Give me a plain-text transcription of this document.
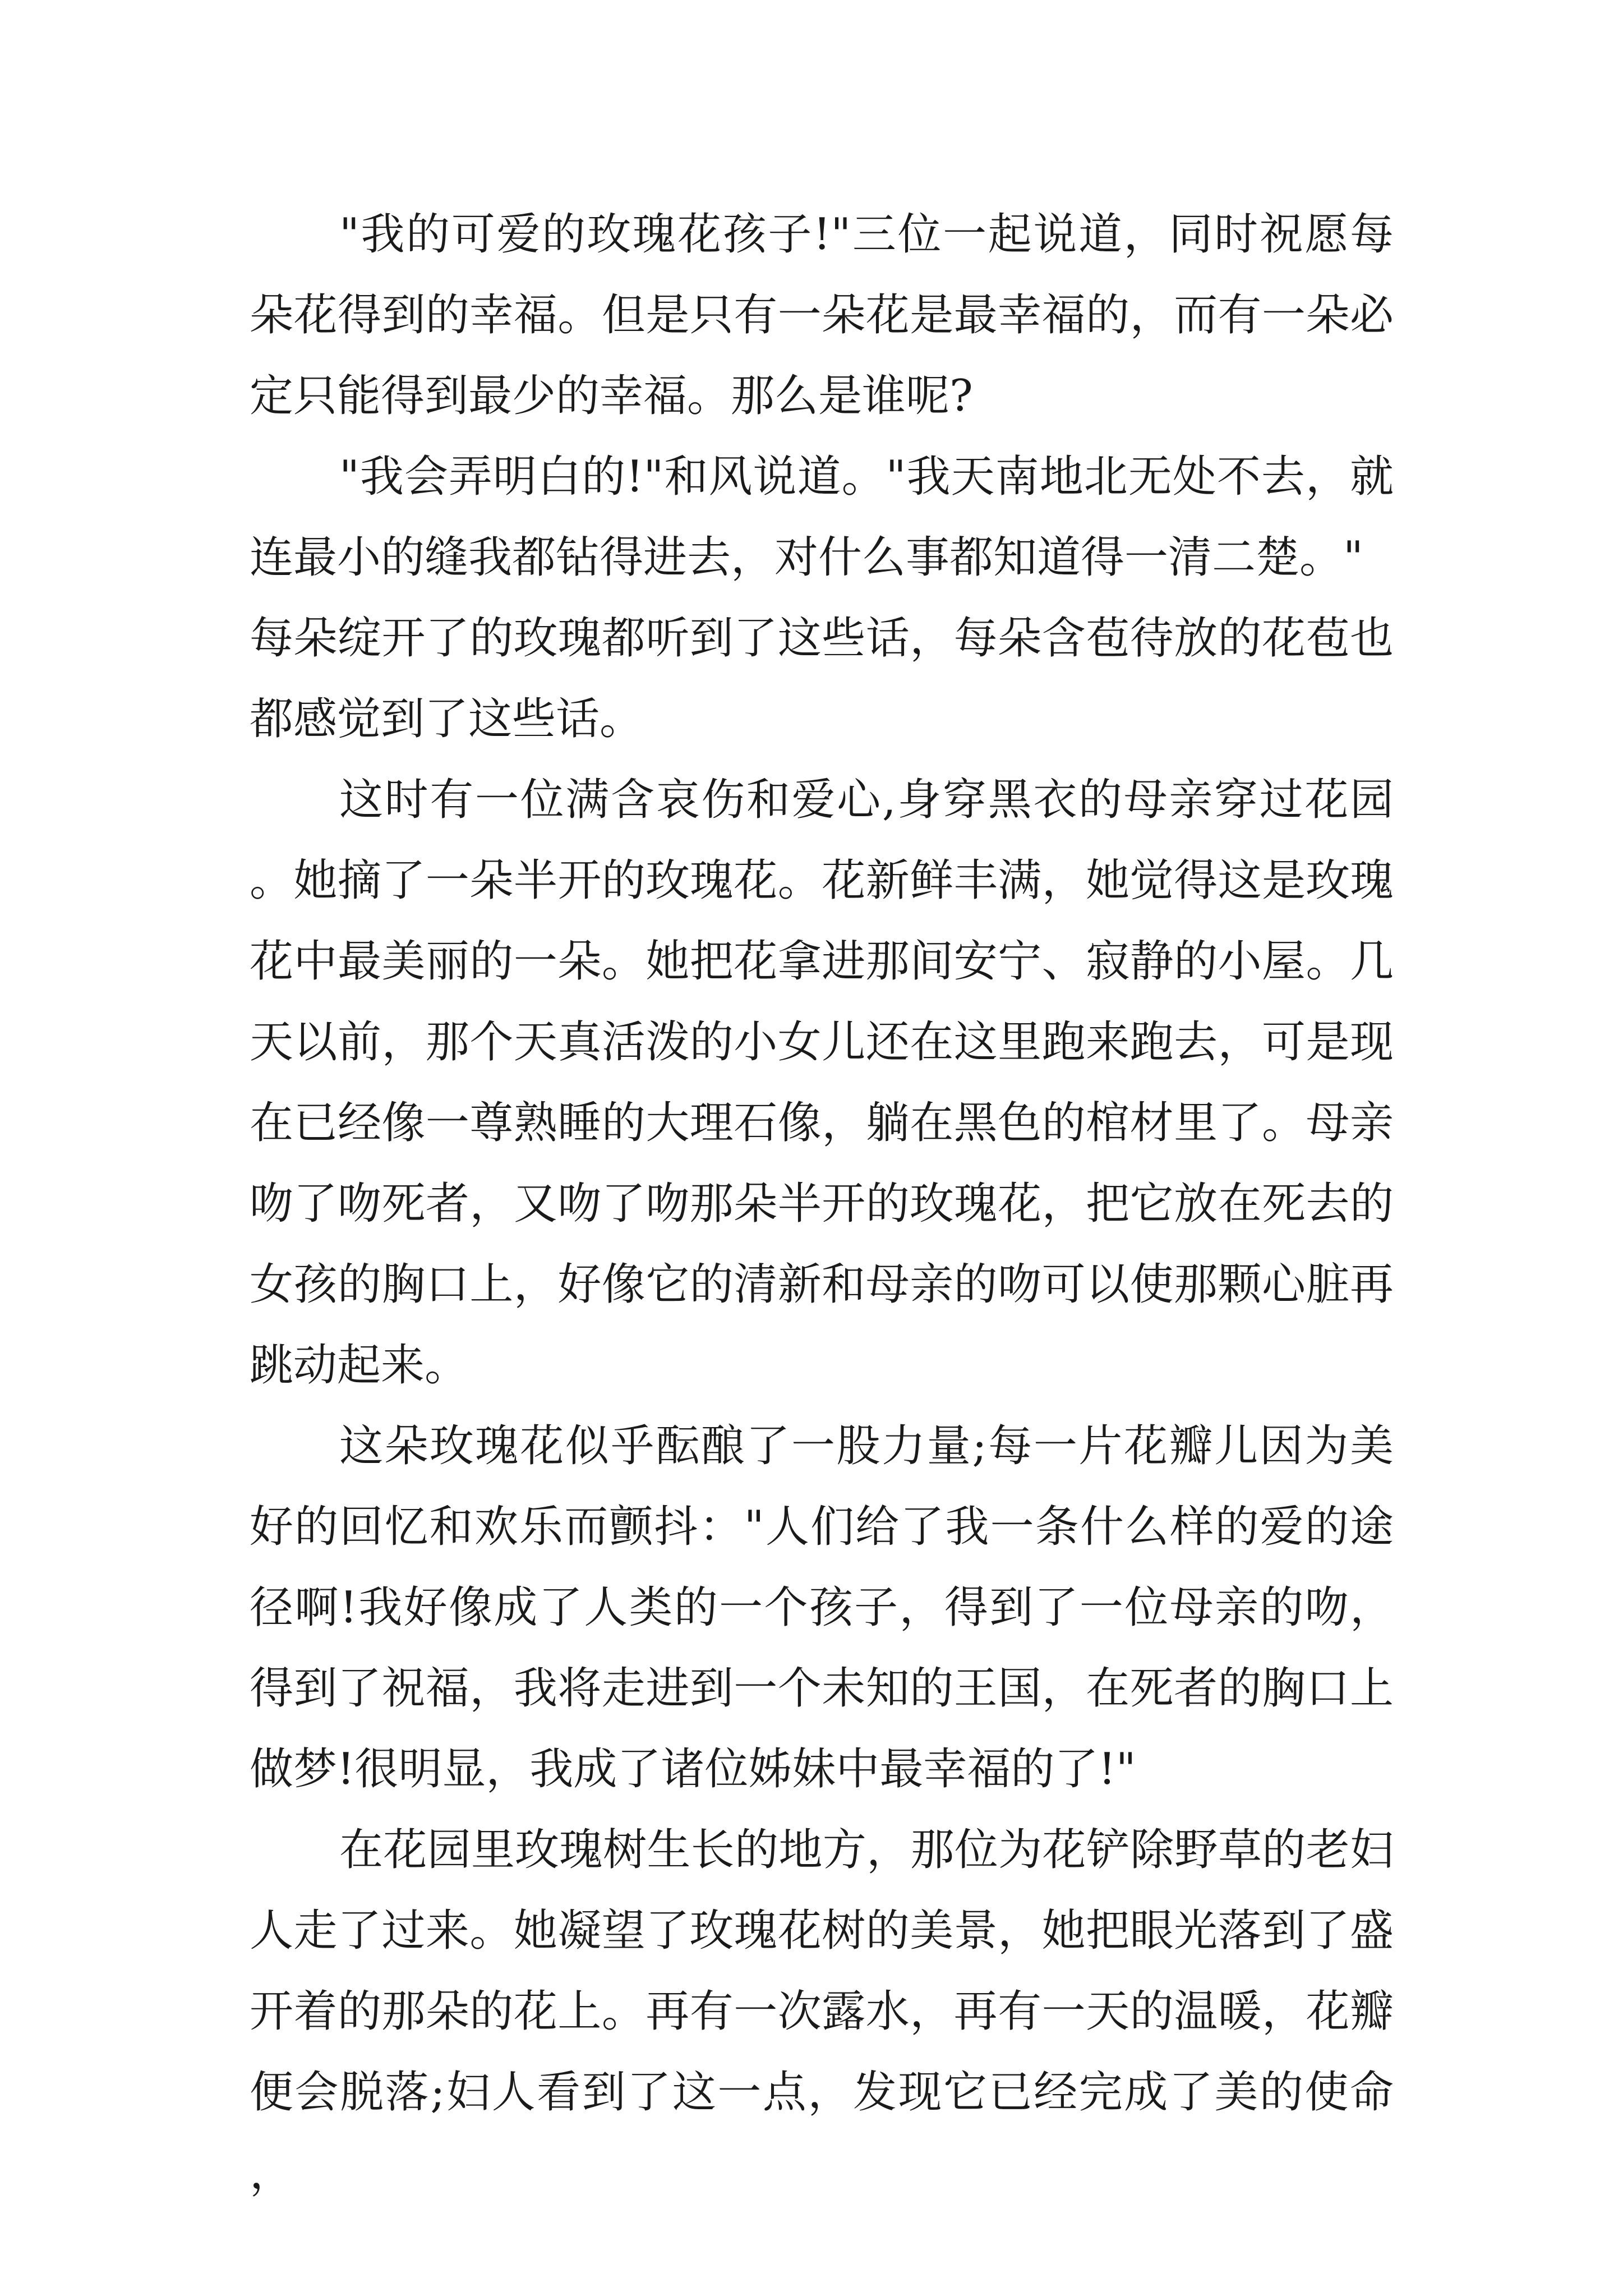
"我的可爱的玫瑰花孩子!"三位一起说道，同时祝愿每朵花得到的幸福。但是只有一朵花是最幸福的，而有一朵必定只能得到最少的幸福。那么是谁呢?

"我会弄明白的!"和风说道。"我天南地北无处不去，就连最小的缝我都钻得进去，对什么事都知道得一清二楚。"

每朵绽开了的玫瑰都听到了这些话，每朵含苞待放的花苞也都感觉到了这些话。

这时有一位满含哀伤和爱心,身穿黑衣的母亲穿过花园。她摘了一朵半开的玫瑰花。花新鲜丰满，她觉得这是玫瑰花中最美丽的一朵。她把花拿进那间安宁、寂静的小屋。几天以前，那个天真活泼的小女儿还在这里跑来跑去，可是现在已经像一尊熟睡的大理石像，躺在黑色的棺材里了。母亲吻了吻死者，又吻了吻那朵半开的玫瑰花，把它放在死去的女孩的胸口上，好像它的清新和母亲的吻可以使那颗心脏再跳动起来。

这朵玫瑰花似乎酝酿了一股力量;每一片花瓣儿因为美好的回忆和欢乐而颤抖："人们给了我一条什么样的爱的途径啊!我好像成了人类的一个孩子，得到了一位母亲的吻，得到了祝福，我将走进到一个未知的王国，在死者的胸口上做梦!很明显，我成了诸位姊妹中最幸福的了!"

在花园里玫瑰树生长的地方，那位为花铲除野草的老妇人走了过来。她凝望了玫瑰花树的美景，她把眼光落到了盛开着的那朵的花上。再有一次露水，再有一天的温暖，花瓣便会脱落;妇人看到了这一点，发现它已经完成了美的使命，
